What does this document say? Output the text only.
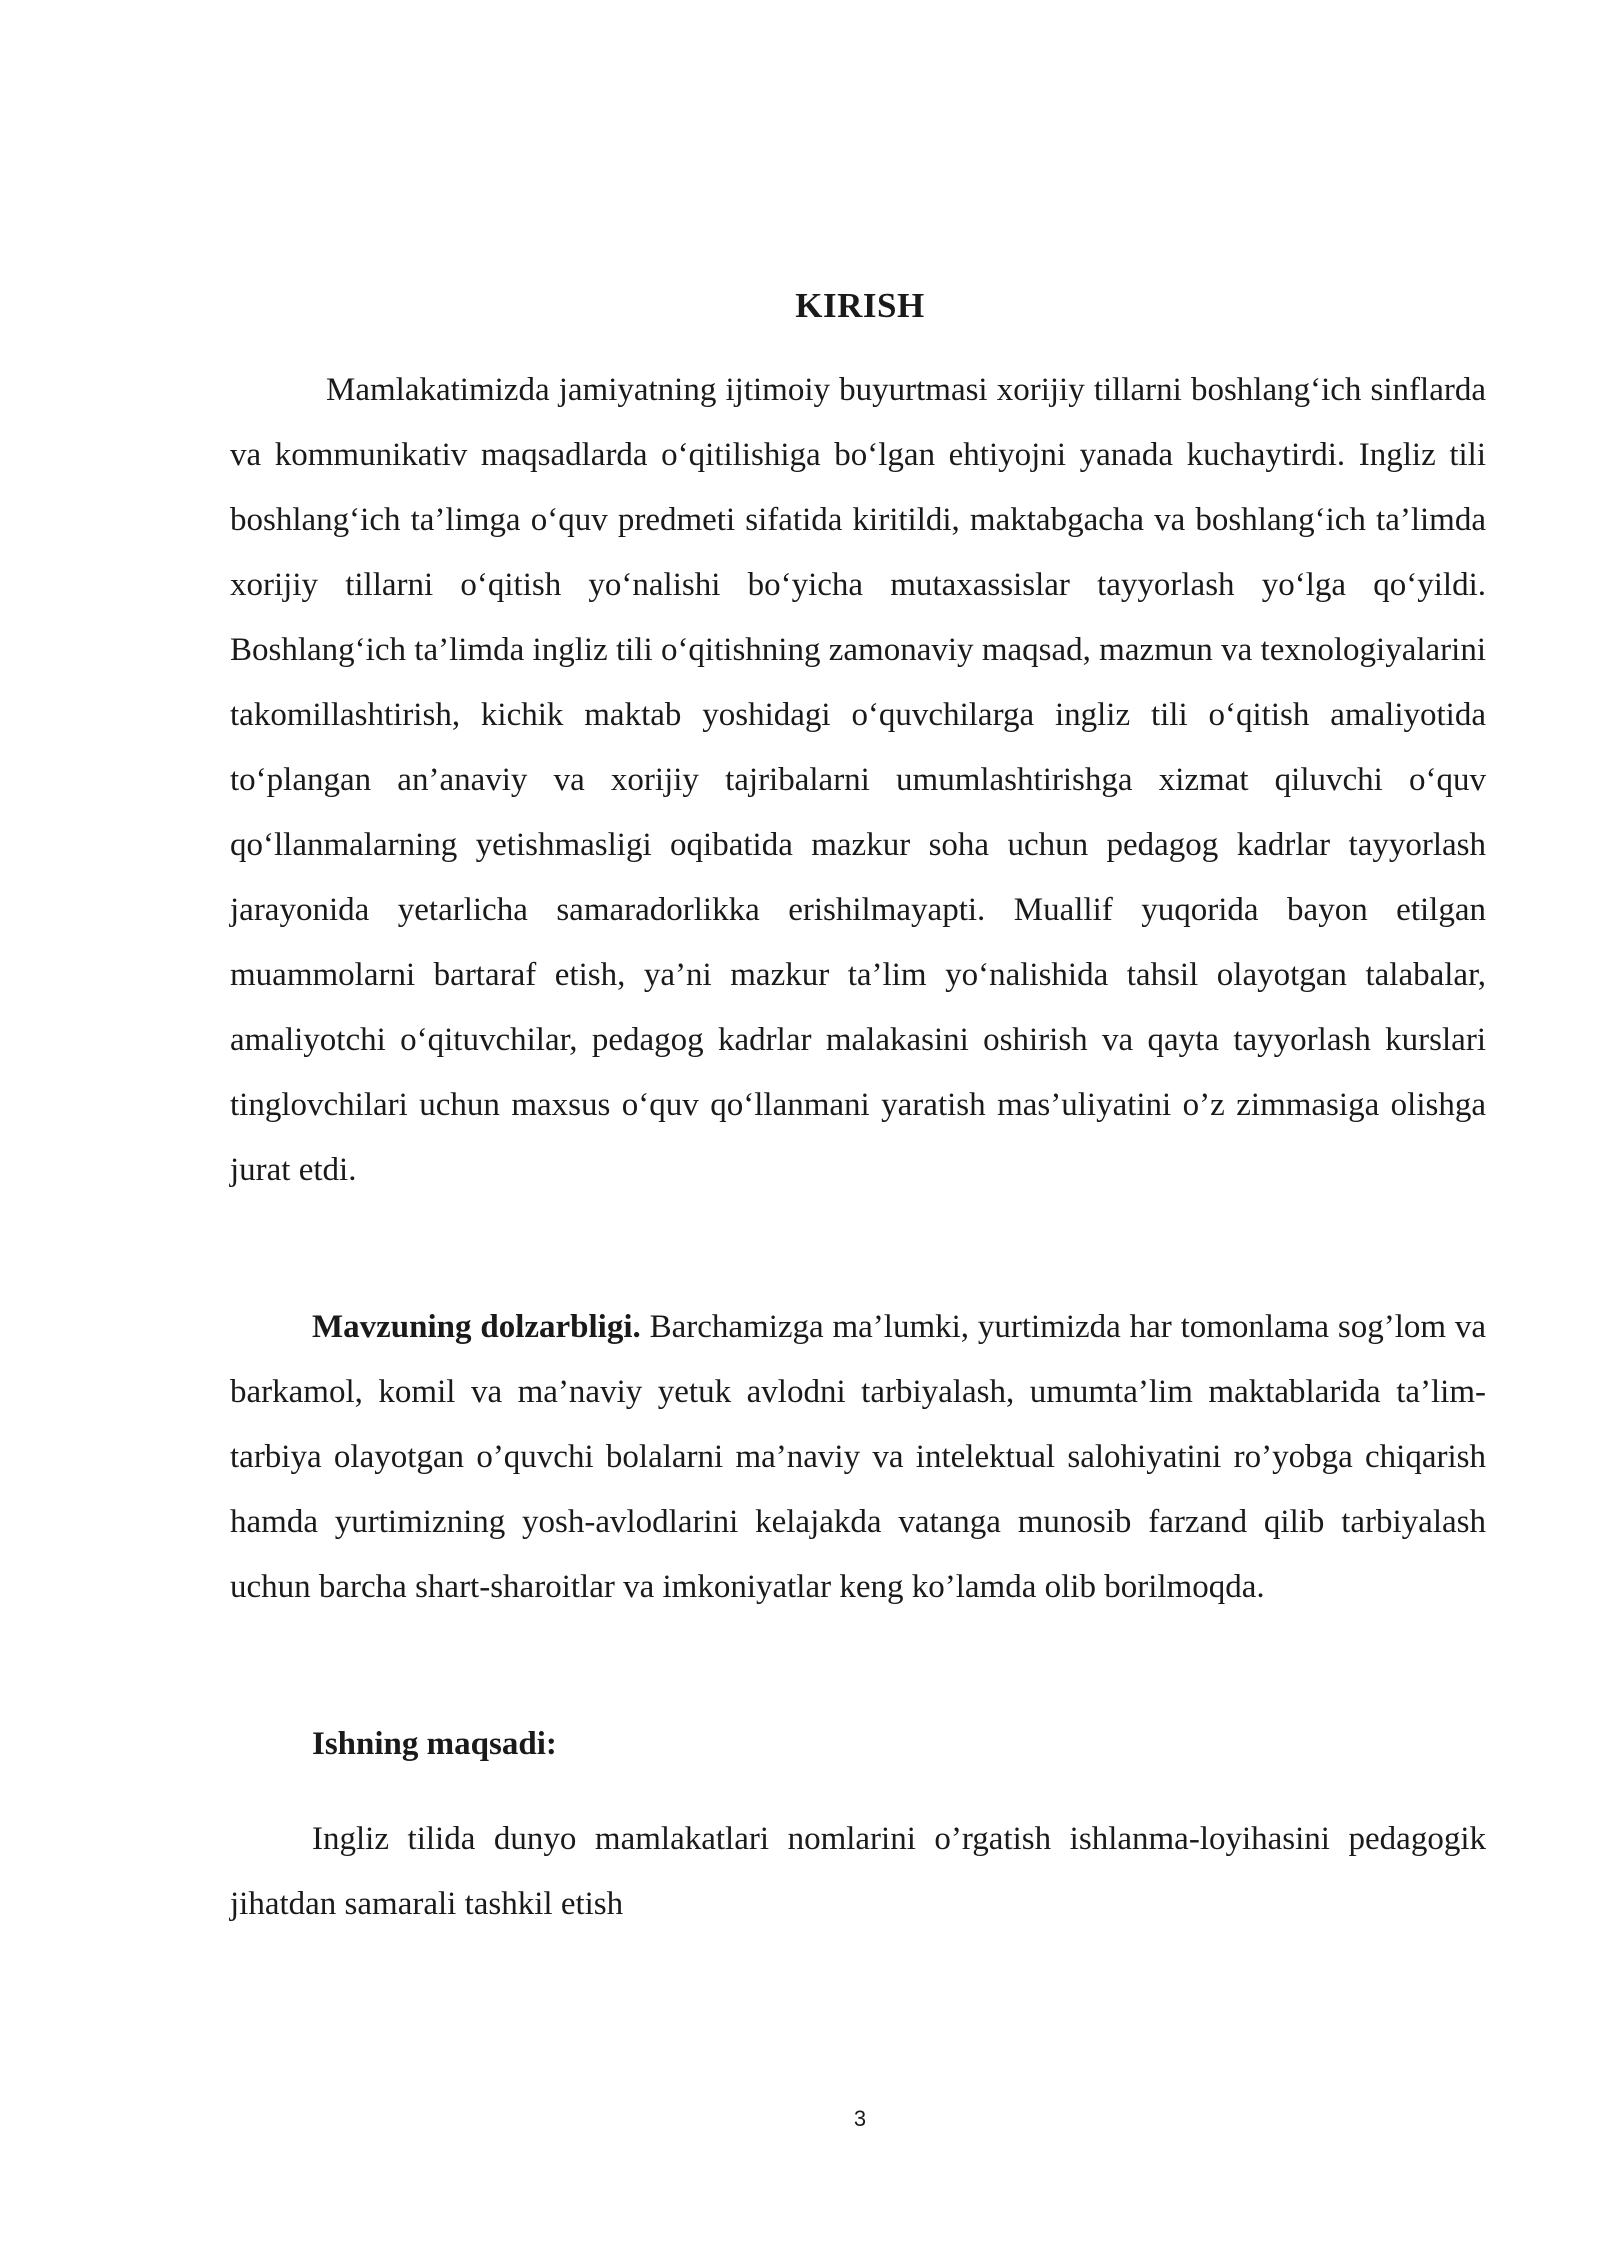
KIRISH

Mamlakatimizda jamiyatning ijtimoiy buyurtmasi xorijiy tillarni boshlang‘ich sinflarda va kommunikativ maqsadlarda o‘qitilishiga bo‘lgan ehtiyojni yanada kuchaytirdi. Ingliz tili boshlang‘ich ta’limga o‘quv predmeti sifatida kiritildi, maktabgacha va boshlang‘ich ta’limda xorijiy tillarni o‘qitish yo‘nalishi bo‘yicha mutaxassislar tayyorlash yo‘lga qo‘yildi. Boshlang‘ich ta’limda ingliz tili o‘qitishning zamonaviy maqsad, mazmun va texnologiyalarini takomillashtirish, kichik maktab yoshidagi o‘quvchilarga ingliz tili o‘qitish amaliyotida to‘plangan an’anaviy va xorijiy tajribalarni umumlashtirishga xizmat qiluvchi o‘quv qo‘llanmalarning yetishmasligi oqibatida mazkur soha uchun pedagog kadrlar tayyorlash jarayonida yetarlicha samaradorlikka erishilmayapti. Muallif yuqorida bayon etilgan muammolarni bartaraf etish, ya’ni mazkur ta’lim yo‘nalishida tahsil olayotgan talabalar, amaliyotchi o‘qituvchilar, pedagog kadrlar malakasini oshirish va qayta tayyorlash kurslari tinglovchilari uchun maxsus o‘quv qo‘llanmani yaratish mas’uliyatini o’z zimmasiga olishga jurat etdi.

Mavzuning dolzarbligi. Barchamizga ma’lumki, yurtimizda har tomonlama sog’lom va barkamol, komil va ma’naviy yetuk avlodni tarbiyalash, umumta’lim maktablarida ta’lim-tarbiya olayotgan o’quvchi bolalarni ma’naviy va intelektual salohiyatini ro’yobga chiqarish hamda yurtimizning yosh-avlodlarini kelajakda vatanga munosib farzand qilib tarbiyalash uchun barcha shart-sharoitlar va imkoniyatlar keng ko’lamda olib borilmoqda.

Ishning maqsadi:

Ingliz tilida dunyo mamlakatlari nomlarini o’rgatish ishlanma-loyihasini pedagogik jihatdan samarali tashkil etish

3
